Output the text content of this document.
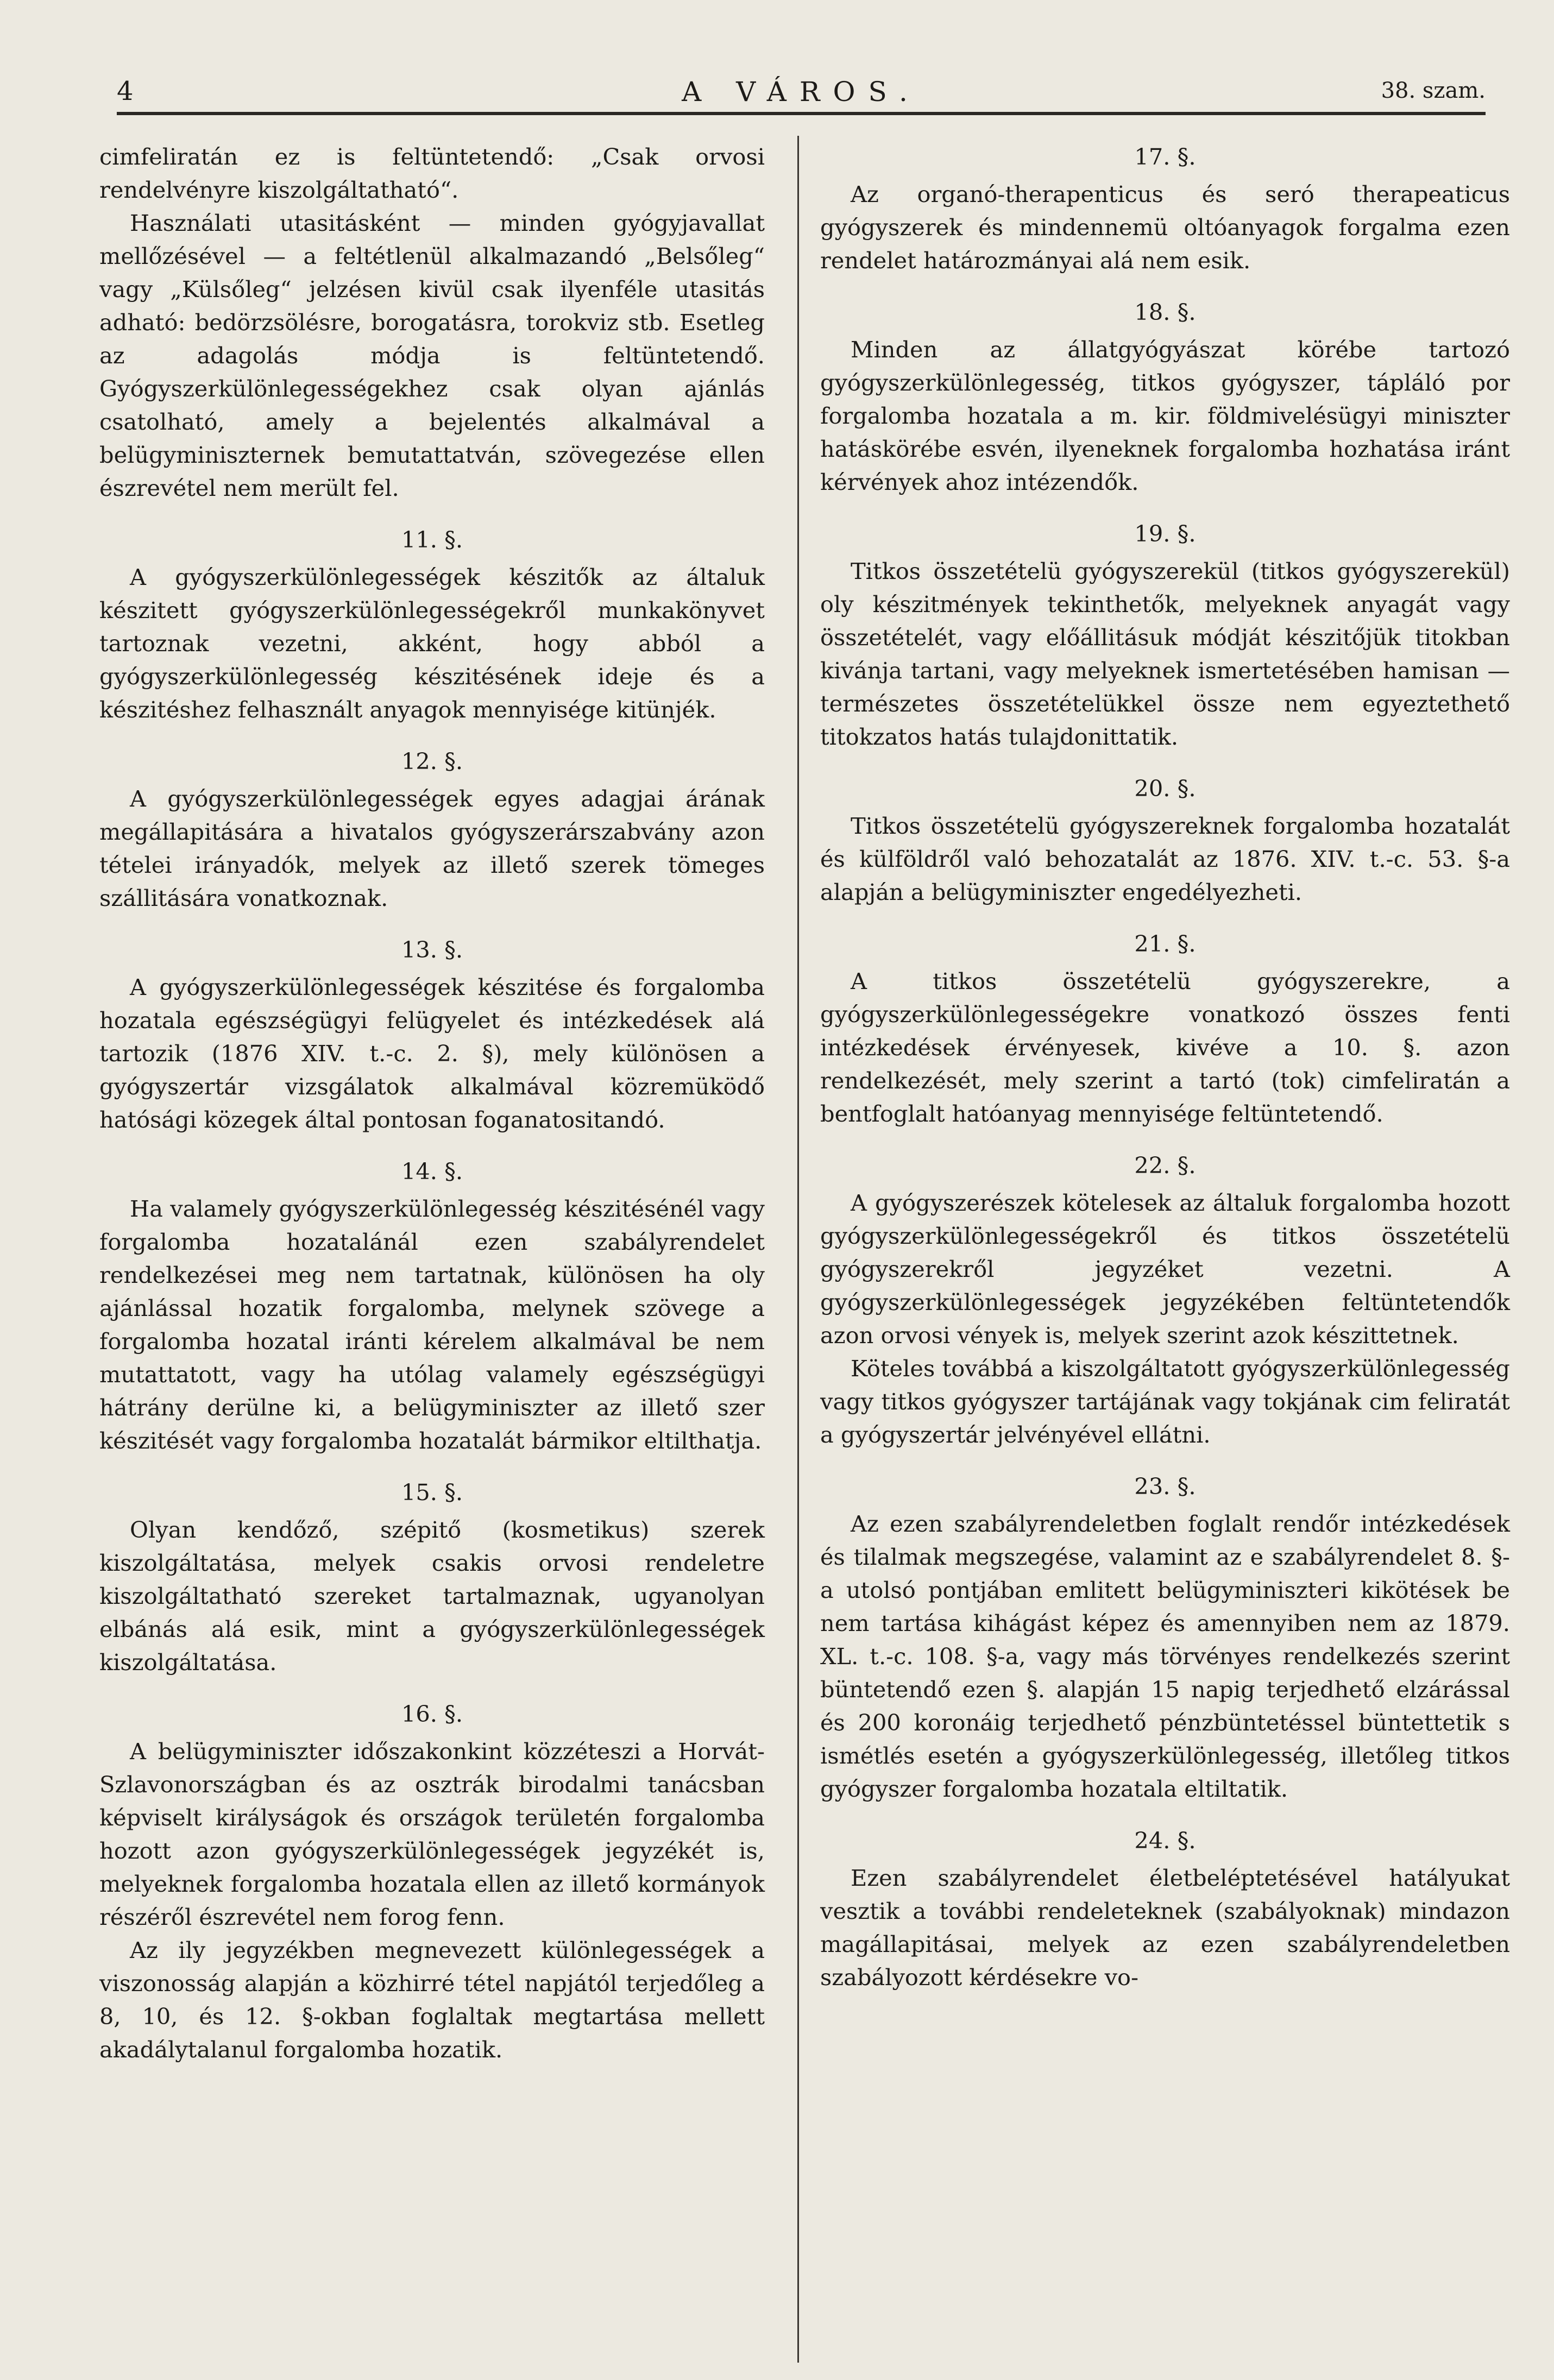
4	A VÁROS.	38. szam.

cimfeliratán ez is feltüntetendő: „Csak orvosi rendelvényre kiszolgáltatható“.

Használati utasitásként — minden gyógyjavallat mellőzésével — a feltétlenül alkalmazandó „Belsőleg“ vagy „Külsőleg“ jelzésen kivül csak ilyenféle utasitás adható: bedörzsölésre, borogatásra, torokviz stb. Esetleg az adagolás módja is feltüntetendő. Gyógyszerkülönlegességekhez csak olyan ajánlás csatolható, amely a bejelentés alkalmával a belügyminiszternek bemutattatván, szövegezése ellen észrevétel nem merült fel.

11. §.

A gyógyszerkülönlegességek készitők az általuk készitett gyógyszerkülönlegességekről munkakönyvet tartoznak vezetni, akként, hogy abból a gyógyszerkülönlegesség készitésének ideje és a készitéshez felhasznált anyagok mennyisége kitünjék.

12. §.

A gyógyszerkülönlegességek egyes adagjai árának megállapitására a hivatalos gyógyszerárszabvány azon tételei irányadók, melyek az illető szerek tömeges szállitására vonatkoznak.

13. §.

A gyógyszerkülönlegességek készitése és forgalomba hozatala egészségügyi felügyelet és intézkedések alá tartozik (1876 XIV. t.-c. 2. §), mely különösen a gyógyszertár vizsgálatok alkalmával közremüködő hatósági közegek által pontosan foganatositandó.

14. §.

Ha valamely gyógyszerkülönlegesség készitésénél vagy forgalomba hozatalánál ezen szabályrendelet rendelkezései meg nem tartatnak, különösen ha oly ajánlással hozatik forgalomba, melynek szövege a forgalomba hozatal iránti kérelem alkalmával be nem mutattatott, vagy ha utólag valamely egészségügyi hátrány derülne ki, a belügyminiszter az illető szer készitését vagy forgalomba hozatalát bármikor eltilthatja.

15. §.

Olyan kendőző, szépitő (kosmetikus) szerek kiszolgáltatása, melyek csakis orvosi rendeletre kiszolgáltatható szereket tartalmaznak, ugyanolyan elbánás alá esik, mint a gyógyszerkülönlegességek kiszolgáltatása.

16. §.

A belügyminiszter időszakonkint közzéteszi a Horvát-Szlavonországban és az osztrák birodalmi tanácsban képviselt királyságok és országok területén forgalomba hozott azon gyógyszerkülönlegességek jegyzékét is, melyeknek forgalomba hozatala ellen az illető kormányok részéről észrevétel nem forog fenn.

Az ily jegyzékben megnevezett különlegességek a viszonosság alapján a közhirré tétel napjától terjedőleg a 8, 10, és 12. §-okban foglaltak megtartása mellett akadálytalanul forgalomba hozatik.

17. §.

Az organó-therapenticus és seró therapeaticus gyógyszerek és mindennemü oltóanyagok forgalma ezen rendelet határozmányai alá nem esik.

18. §.

Minden az állatgyógyászat körébe tartozó gyógyszerkülönlegesség, titkos gyógyszer, tápláló por forgalomba hozatala a m. kir. földmivelésügyi miniszter hatáskörébe esvén, ilyeneknek forgalomba hozhatása iránt kérvények ahoz intézendők.

19. §.

Titkos összetételü gyógyszerekül (titkos gyógyszerekül) oly készitmények tekinthetők, melyeknek anyagát vagy összetételét, vagy előállitásuk módját készitőjük titokban kivánja tartani, vagy melyeknek ismertetésében hamisan — természetes összetételükkel össze nem egyeztethető titokzatos hatás tulajdonittatik.

20. §.

Titkos összetételü gyógyszereknek forgalomba hozatalát és külföldről való behozatalát az 1876. XIV. t.-c. 53. §-a alapján a belügyminiszter engedélyezheti.

21. §.

A titkos összetételü gyógyszerekre, a gyógyszerkülönlegességekre vonatkozó összes fenti intézkedések érvényesek, kivéve a 10. §. azon rendelkezését, mely szerint a tartó (tok) cimfeliratán a bentfoglalt hatóanyag mennyisége feltüntetendő.

22. §.

A gyógyszerészek kötelesek az általuk forgalomba hozott gyógyszerkülönlegességekről és titkos összetételü gyógyszerekről jegyzéket vezetni. A gyógyszerkülönlegességek jegyzékében feltüntetendők azon orvosi vények is, melyek szerint azok készittetnek.

Köteles továbbá a kiszolgáltatott gyógyszerkülönlegesség vagy titkos gyógyszer tartájának vagy tokjának cim feliratát a gyógyszertár jelvényével ellátni.

23. §.

Az ezen szabályrendeletben foglalt rendőr intézkedések és tilalmak megszegése, valamint az e szabályrendelet 8. §-a utolsó pontjában emlitett belügyminiszteri kikötések be nem tartása kihágást képez és amennyiben nem az 1879. XL. t.-c. 108. §-a, vagy más törvényes rendelkezés szerint büntetendő ezen §. alapján 15 napig terjedhető elzárással és 200 koronáig terjedhető pénzbüntetéssel büntettetik s ismétlés esetén a gyógyszerkülönlegesség, illetőleg titkos gyógyszer forgalomba hozatala eltiltatik.

24. §.

Ezen szabályrendelet életbeléptetésével hatályukat vesztik a további rendeleteknek (szabályoknak) mindazon magállapitásai, melyek az ezen szabályrendeletben szabályozott kérdésekre vo-
